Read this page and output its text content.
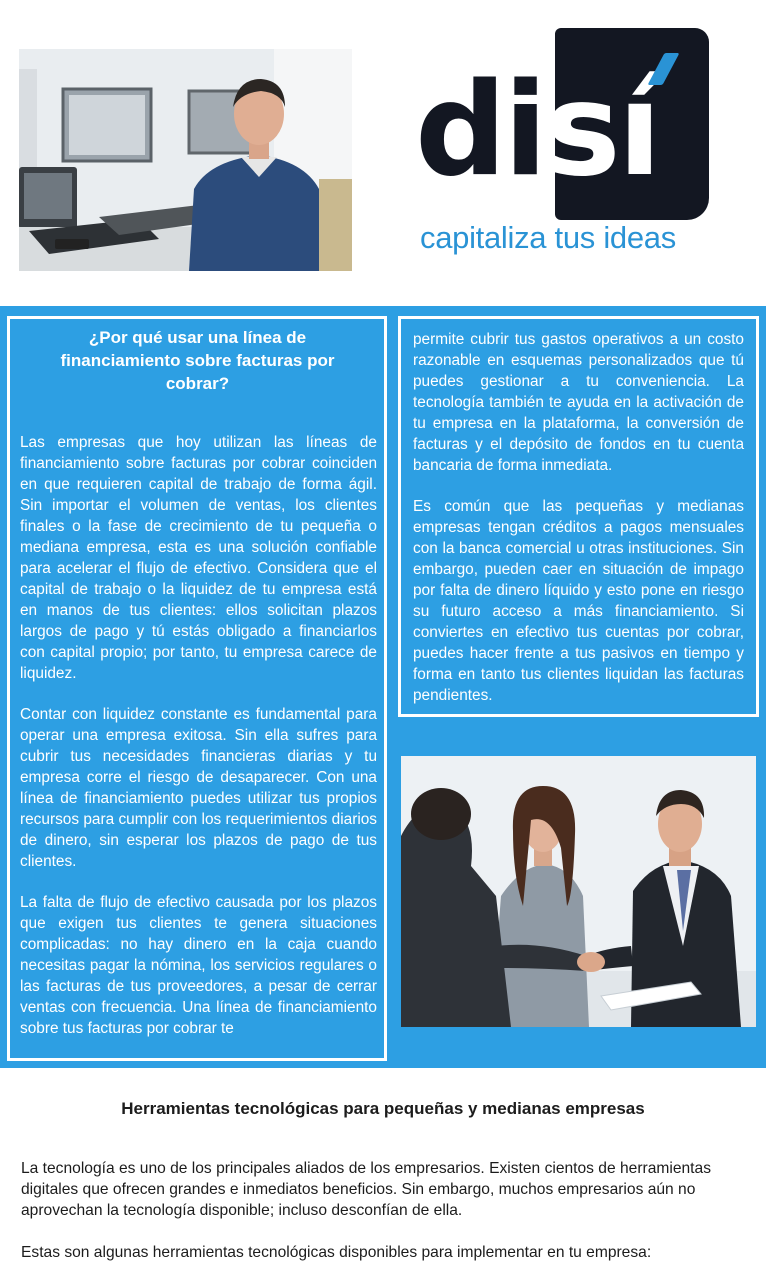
disí
capitaliza tus ideas
¿Por qué usar una línea de
financiamiento sobre facturas por
cobrar?

Las empresas que hoy utilizan las líneas de financiamiento sobre facturas por cobrar coinciden en que requieren capital de trabajo de forma ágil. Sin importar el volumen de ventas, los clientes finales o la fase de crecimiento de tu pequeña o mediana empresa, esta es una solución confiable para acelerar el flujo de efectivo. Considera que el capital de trabajo o la liquidez de tu empresa está en manos de tus clientes: ellos solicitan plazos largos de pago y tú estás obligado a financiarlos con capital propio; por tanto, tu empresa carece de liquidez.

Contar con liquidez constante es fundamental para operar una empresa exitosa. Sin ella sufres para cubrir tus necesidades financieras diarias y tu empresa corre el riesgo de desaparecer. Con una línea de financiamiento puedes utilizar tus propios recursos para cumplir con los requerimientos diarios de dinero, sin esperar los plazos de pago de tus clientes.

La falta de flujo de efectivo causada por los plazos que exigen tus clientes te genera situaciones complicadas: no hay dinero en la caja cuando necesitas pagar la nómina, los servicios regulares o las facturas de tus proveedores, a pesar de cerrar ventas con frecuencia. Una línea de financiamiento sobre tus facturas por cobrar te

permite cubrir tus gastos operativos a un costo razonable en esquemas personalizados que tú puedes gestionar a tu conveniencia. La tecnología también te ayuda en la activación de tu empresa en la plataforma, la conversión de facturas y el depósito de fondos en tu cuenta bancaria de forma inmediata.

Es común que las pequeñas y medianas empresas tengan créditos a pagos mensuales con la banca comercial u otras instituciones. Sin embargo, pueden caer en situación de impago por falta de dinero líquido y esto pone en riesgo su futuro acceso a más financiamiento. Si conviertes en efectivo tus cuentas por cobrar, puedes hacer frente a tus pasivos en tiempo y forma en tanto tus clientes liquidan las facturas pendientes.

Herramientas tecnológicas para pequeñas y medianas empresas

La tecnología es uno de los principales aliados de los empresarios. Existen cientos de herramientas digitales que ofrecen grandes e inmediatos beneficios. Sin embargo, muchos empresarios aún no aprovechan la tecnología disponible; incluso desconfían de ella.

Estas son algunas herramientas tecnológicas disponibles para implementar en tu empresa:
